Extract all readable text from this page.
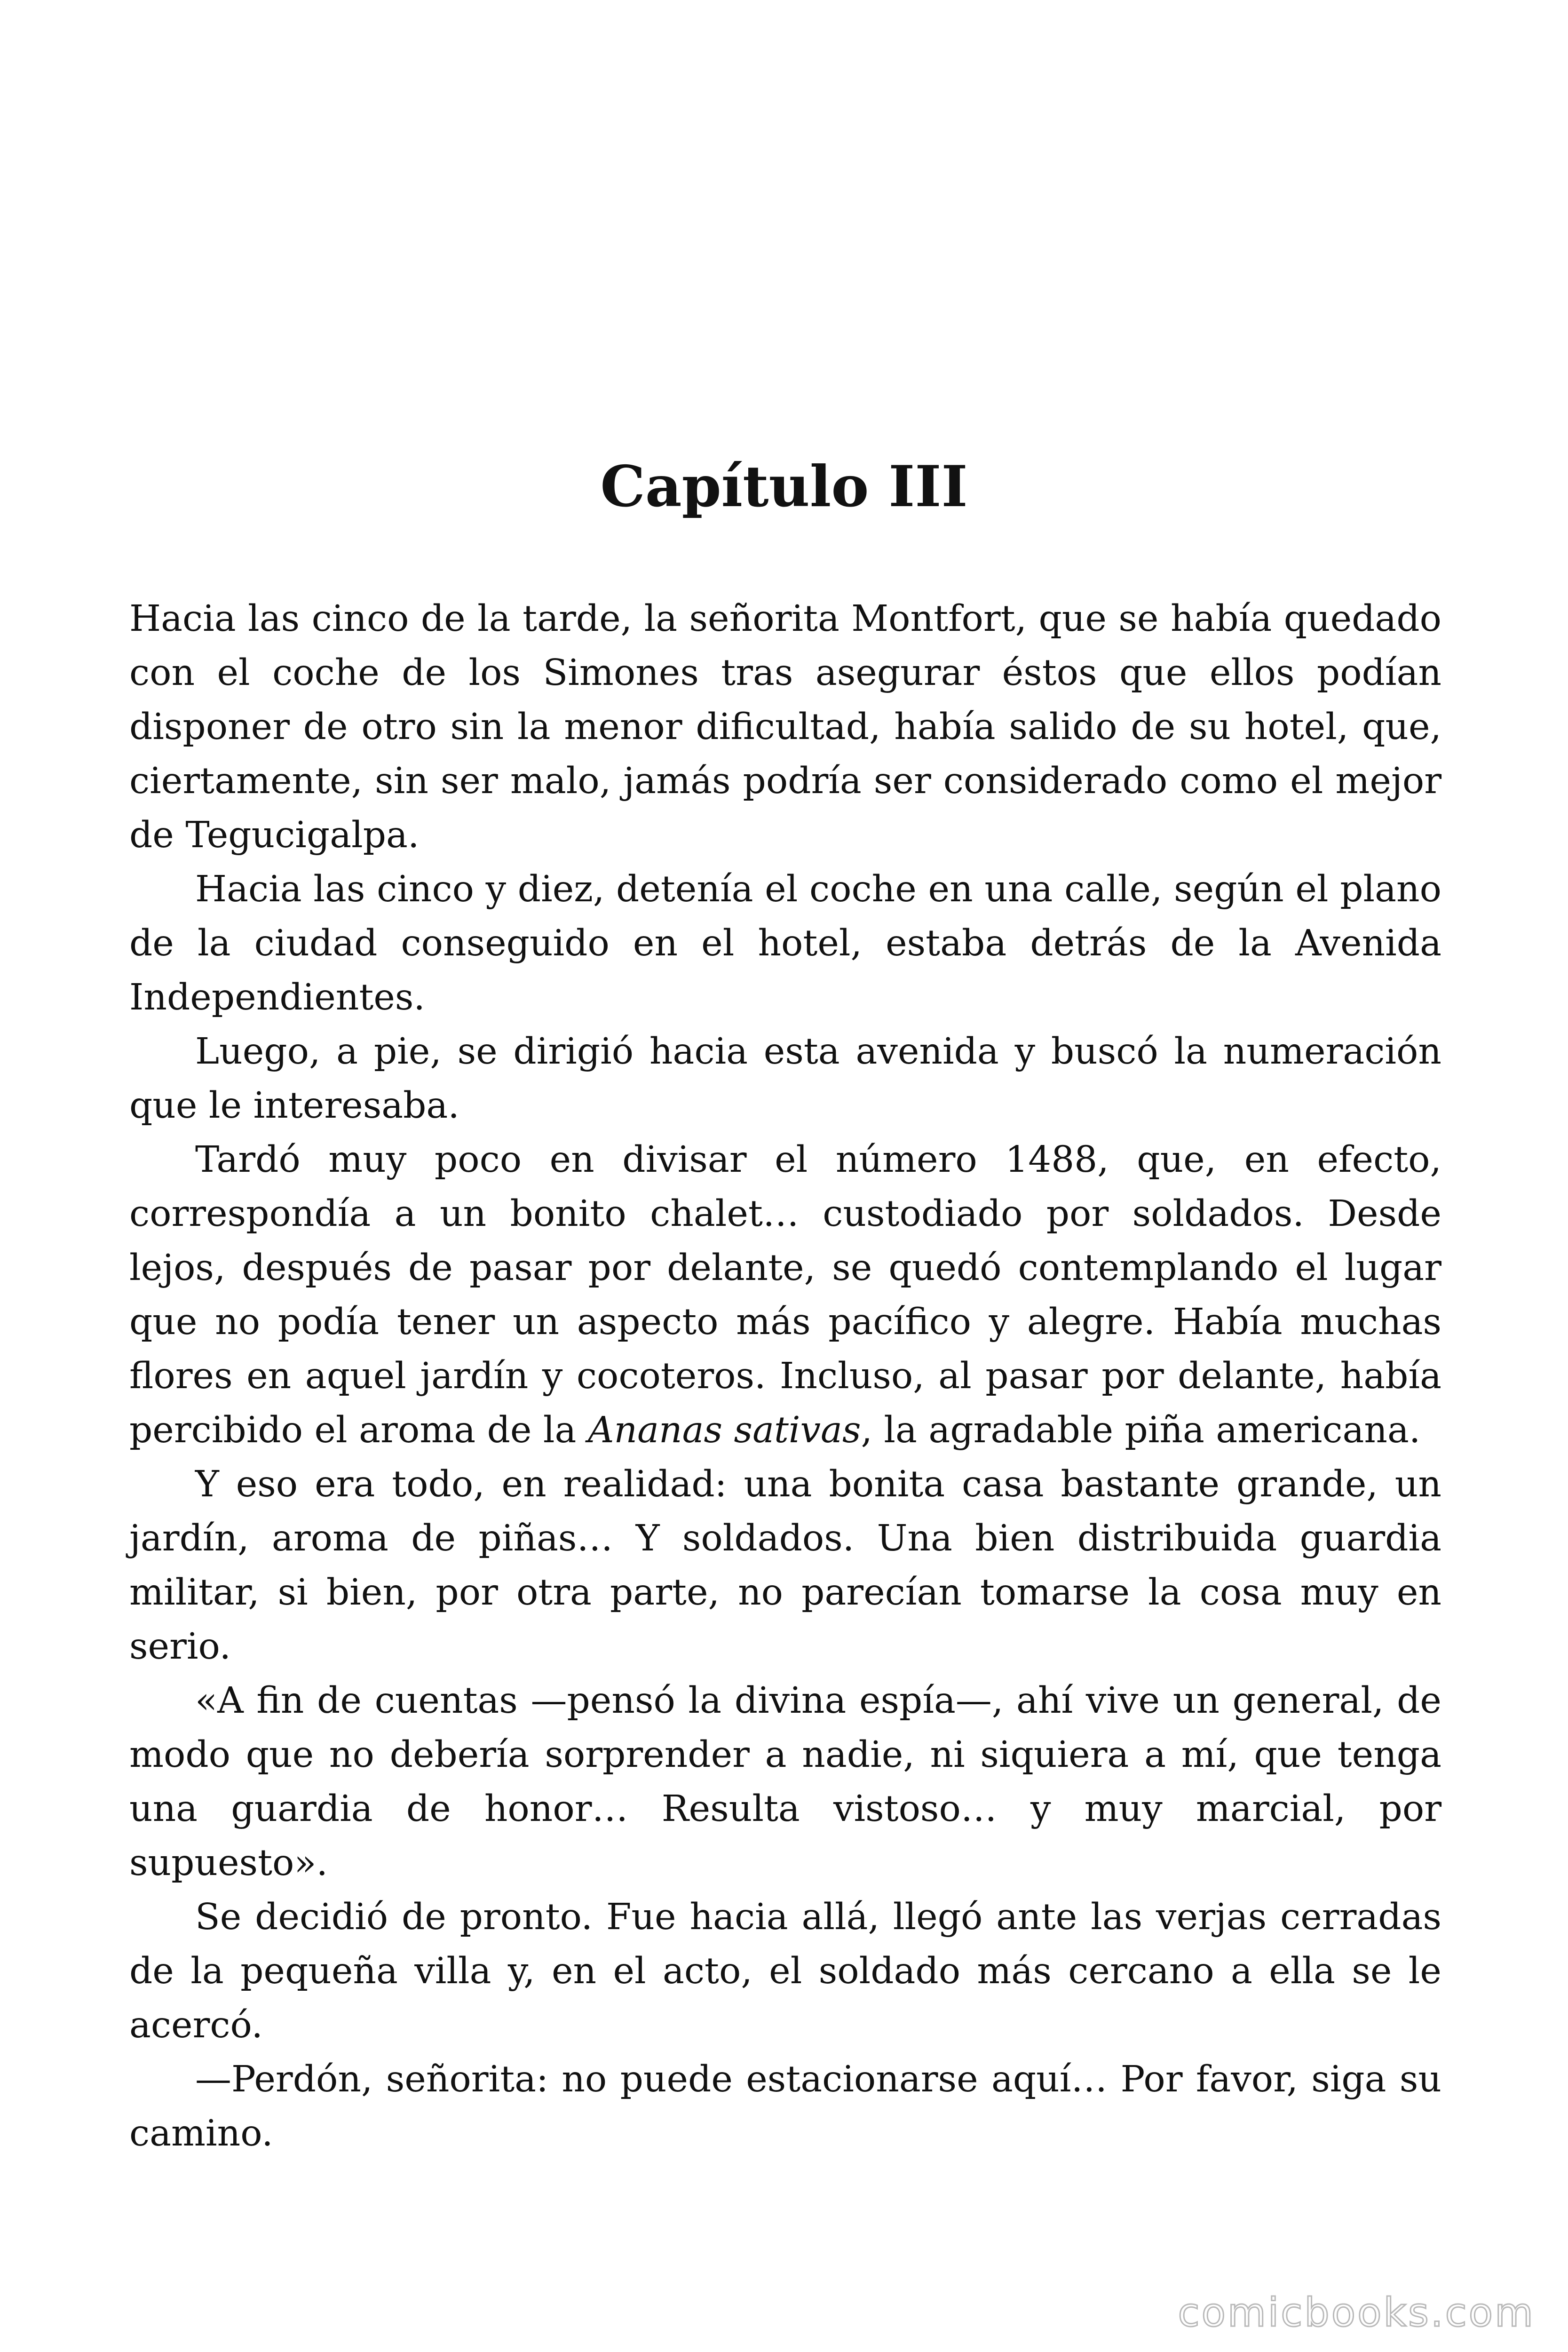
Capítulo III

Hacia las cinco de la tarde, la señorita Montfort, que se había quedado con el coche de los Simones tras asegurar éstos que ellos podían disponer de otro sin la menor dificultad, había salido de su hotel, que, ciertamente, sin ser malo, jamás podría ser considerado como el mejor de Tegucigalpa.

Hacia las cinco y diez, detenía el coche en una calle, según el plano de la ciudad conseguido en el hotel, estaba detrás de la Avenida Independientes.

Luego, a pie, se dirigió hacia esta avenida y buscó la numeración que le interesaba.

Tardó muy poco en divisar el número 1488, que, en efecto, correspondía a un bonito chalet… custodiado por soldados. Desde lejos, después de pasar por delante, se quedó contemplando el lugar que no podía tener un aspecto más pacífico y alegre. Había muchas flores en aquel jardín y cocoteros. Incluso, al pasar por delante, había percibido el aroma de la Ananas sativas, la agradable piña americana.

Y eso era todo, en realidad: una bonita casa bastante grande, un jardín, aroma de piñas… Y soldados. Una bien distribuida guardia militar, si bien, por otra parte, no parecían tomarse la cosa muy en serio.

«A fin de cuentas —pensó la divina espía—, ahí vive un general, de modo que no debería sorprender a nadie, ni siquiera a mí, que tenga una guardia de honor… Resulta vistoso… y muy marcial, por supuesto».

Se decidió de pronto. Fue hacia allá, llegó ante las verjas cerradas de la pequeña villa y, en el acto, el soldado más cercano a ella se le acercó.

—Perdón, señorita: no puede estacionarse aquí… Por favor, siga su camino.

comicbooks.com
